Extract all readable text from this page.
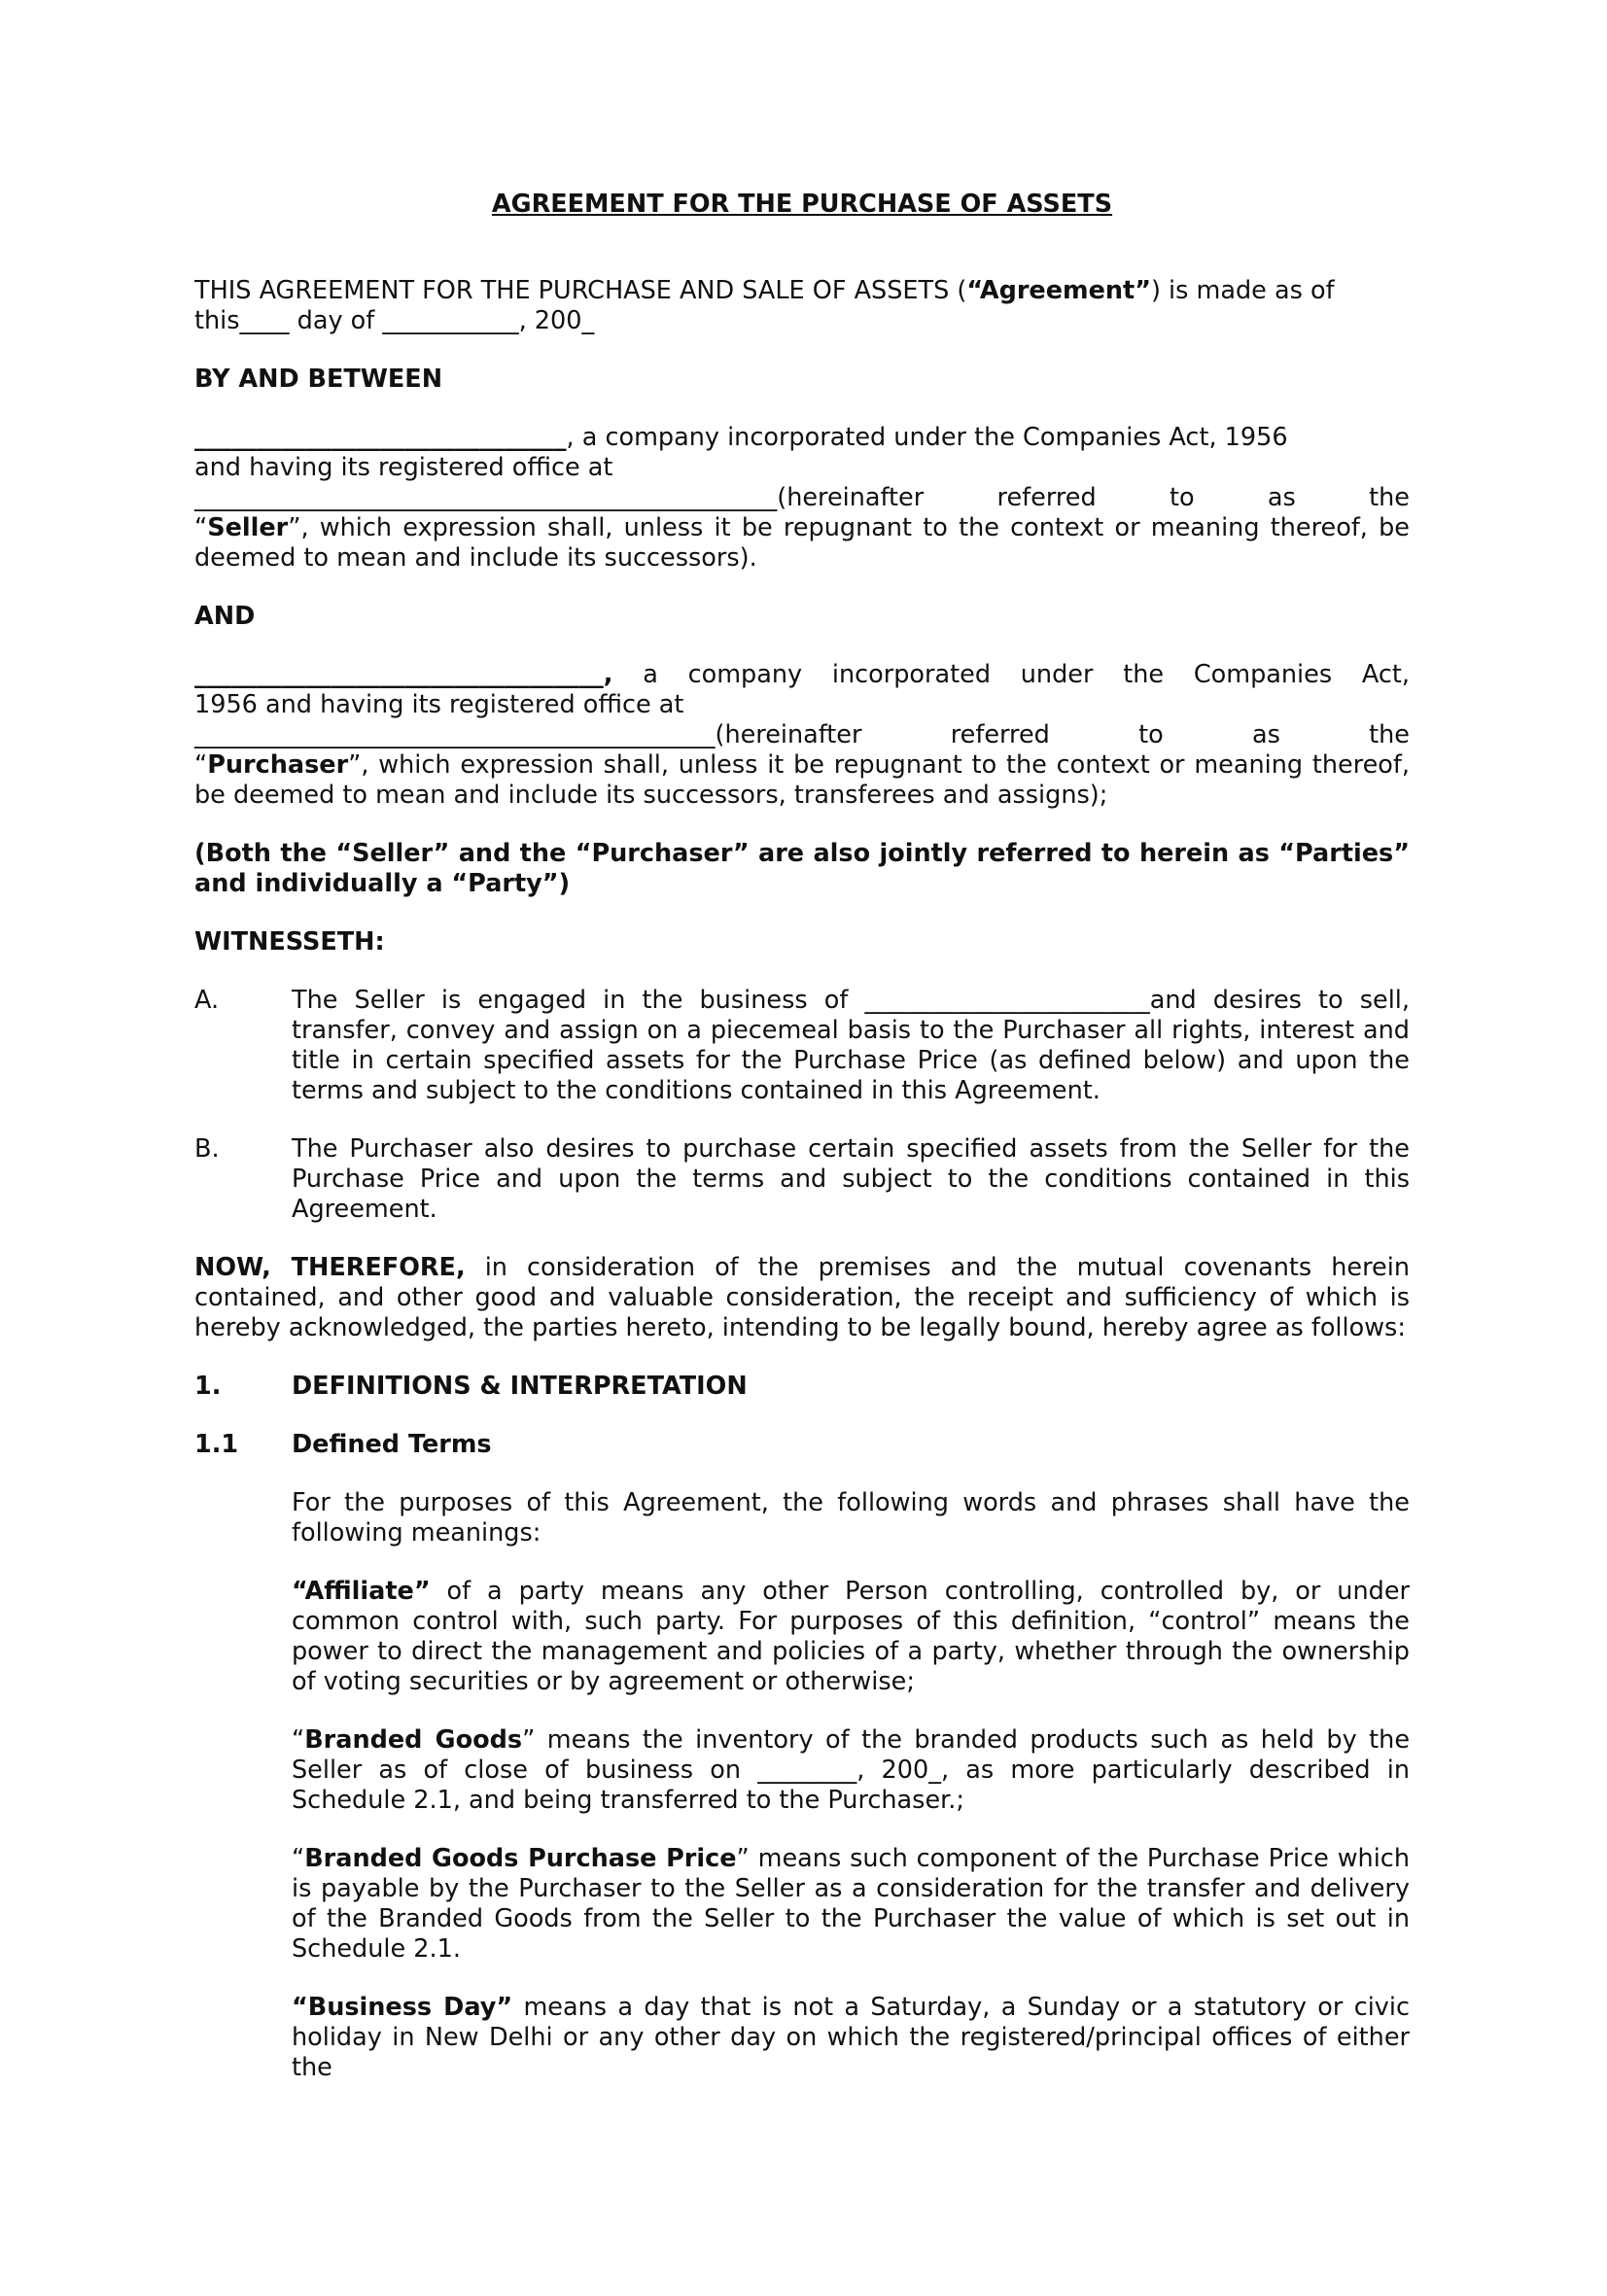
AGREEMENT FOR THE PURCHASE OF ASSETS

THIS AGREEMENT FOR THE PURCHASE AND SALE OF ASSETS (“Agreement”) is made as of
this____ day of ___________, 200_

BY AND BETWEEN

______________________________, a company incorporated under the Companies Act, 1956

and having its registered office at

_______________________________________________ (hereinafter referred to as the

“Seller”, which expression shall, unless it be repugnant to the context or meaning thereof, be deemed to mean and include its successors).

AND

_________________________________, a company incorporated under the Companies Act,

1956 and having its registered office at

__________________________________________ (hereinafter referred to as the

“Purchaser”, which expression shall, unless it be repugnant to the context or meaning thereof, be deemed to mean and include its successors, transferees and assigns);

(Both the “Seller” and the “Purchaser” are also jointly referred to herein as “Parties” and individually a “Party”)

WITNESSETH:

A.	The Seller is engaged in the business of _______________________and desires to sell, transfer, convey and assign on a piecemeal basis to the Purchaser all rights, interest and title in certain specified assets for the Purchase Price (as defined below) and upon the terms and subject to the conditions contained in this Agreement.
B.	The Purchaser also desires to purchase certain specified assets from the Seller for the Purchase Price and upon the terms and subject to the conditions contained in this Agreement.

NOW, THEREFORE, in consideration of the premises and the mutual covenants herein contained, and other good and valuable consideration, the receipt and sufficiency of which is hereby acknowledged, the parties hereto, intending to be legally bound, hereby agree as follows:

1.	DEFINITIONS & INTERPRETATION
1.1	Defined Terms

For the purposes of this Agreement, the following words and phrases shall have the following meanings:

“Affiliate” of a party means any other Person controlling, controlled by, or under common control with, such party. For purposes of this definition, “control” means the power to direct the management and policies of a party, whether through the ownership of voting securities or by agreement or otherwise;

“Branded Goods” means the inventory of the branded products such as held by the Seller as of close of business on ________, 200_, as more particularly described in Schedule 2.1, and being transferred to the Purchaser.;

“Branded Goods Purchase Price” means such component of the Purchase Price which is payable by the Purchaser to the Seller as a consideration for the transfer and delivery of the Branded Goods from the Seller to the Purchaser the value of which is set out in Schedule 2.1.

“Business Day” means a day that is not a Saturday, a Sunday or a statutory or civic holiday in New Delhi or any other day on which the registered/principal offices of either the
